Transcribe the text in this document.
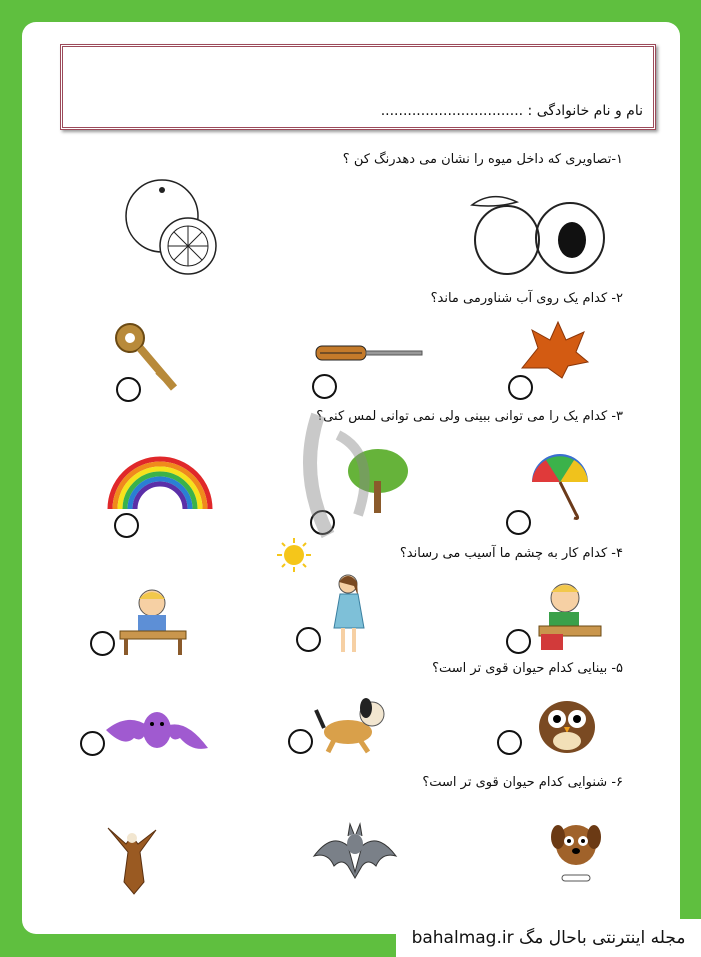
نام و نام خانوادگی : ................................
۱-تصاویری که داخل میوه را نشان می دهدرنگ کن ؟
۲- کدام یک روی آب شناورمی ماند؟
۳- کدام یک را می توانی ببینی ولی نمی توانی لمس کنی؟
۴- کدام کار به چشم ما آسیب می رساند؟
۵- بینایی کدام حیوان قوی تر است؟
۶- شنوایی کدام حیوان قوی تر است؟
مجله اینترنتی باحال مگ bahalmag.ir
